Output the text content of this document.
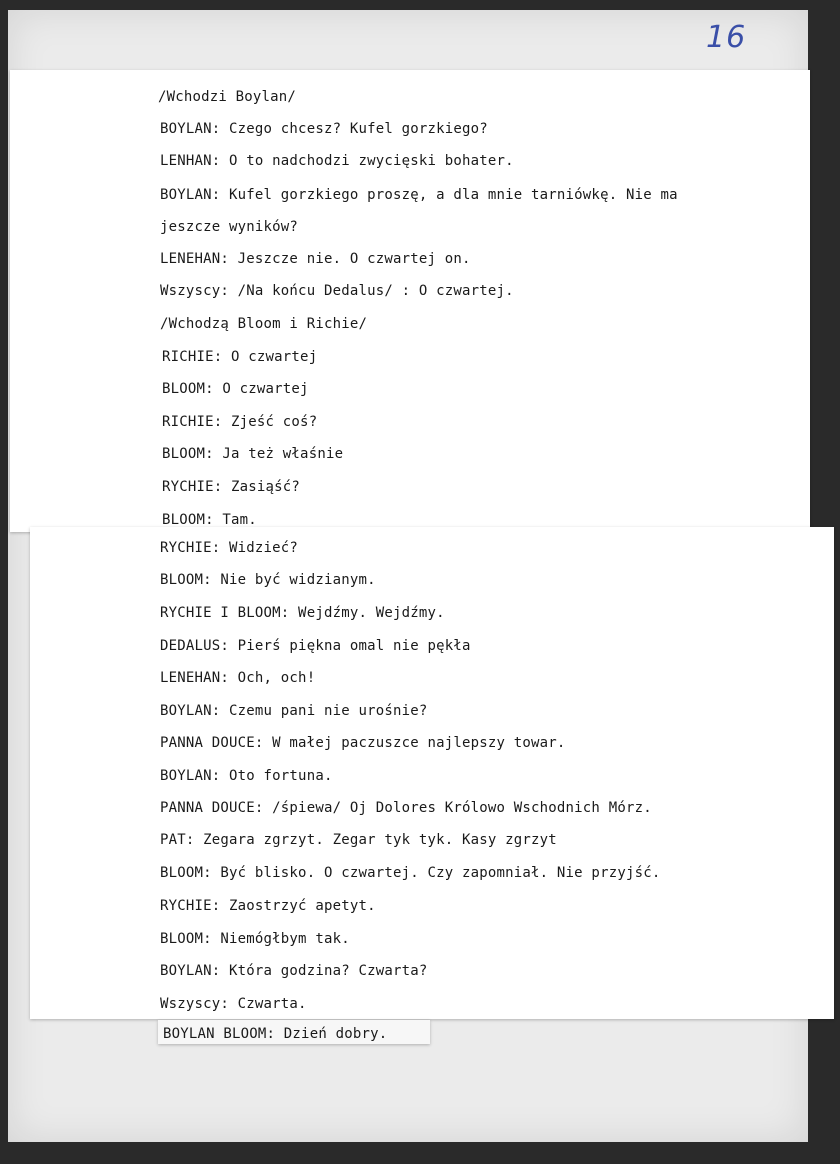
16
/Wchodzi Boylan/
BOYLAN: Czego chcesz? Kufel gorzkiego?
LENHAN: O to nadchodzi zwycięski bohater.
BOYLAN: Kufel gorzkiego proszę, a dla mnie tarniówkę. Nie ma
jeszcze wyników?
LENEHAN: Jeszcze nie. O czwartej on.
Wszyscy: /Na końcu Dedalus/ : O czwartej.
/Wchodzą Bloom i Richie/
RICHIE: O czwartej
BLOOM: O czwartej
RICHIE: Zjeść coś?
BLOOM: Ja też właśnie
RYCHIE: Zasiąść?
BLOOM: Tam.
RYCHIE: Widzieć?
BLOOM: Nie być widzianym.
RYCHIE I BLOOM: Wejdźmy. Wejdźmy.
DEDALUS: Pierś piękna omal nie pękła
LENEHAN: Och, och!
BOYLAN: Czemu pani nie urośnie?
PANNA DOUCE: W małej paczuszce najlepszy towar.
BOYLAN: Oto fortuna.
PANNA DOUCE: /śpiewa/ Oj Dolores Królowo Wschodnich Mórz.
PAT: Zegara zgrzyt. Zegar tyk tyk. Kasy zgrzyt
BLOOM: Być blisko. O czwartej. Czy zapomniał. Nie przyjść.
RYCHIE: Zaostrzyć apetyt.
BLOOM: Niemógłbym tak.
BOYLAN: Która godzina? Czwarta?
Wszyscy: Czwarta.
BOYLAN BLOOM: Dzień dobry.
